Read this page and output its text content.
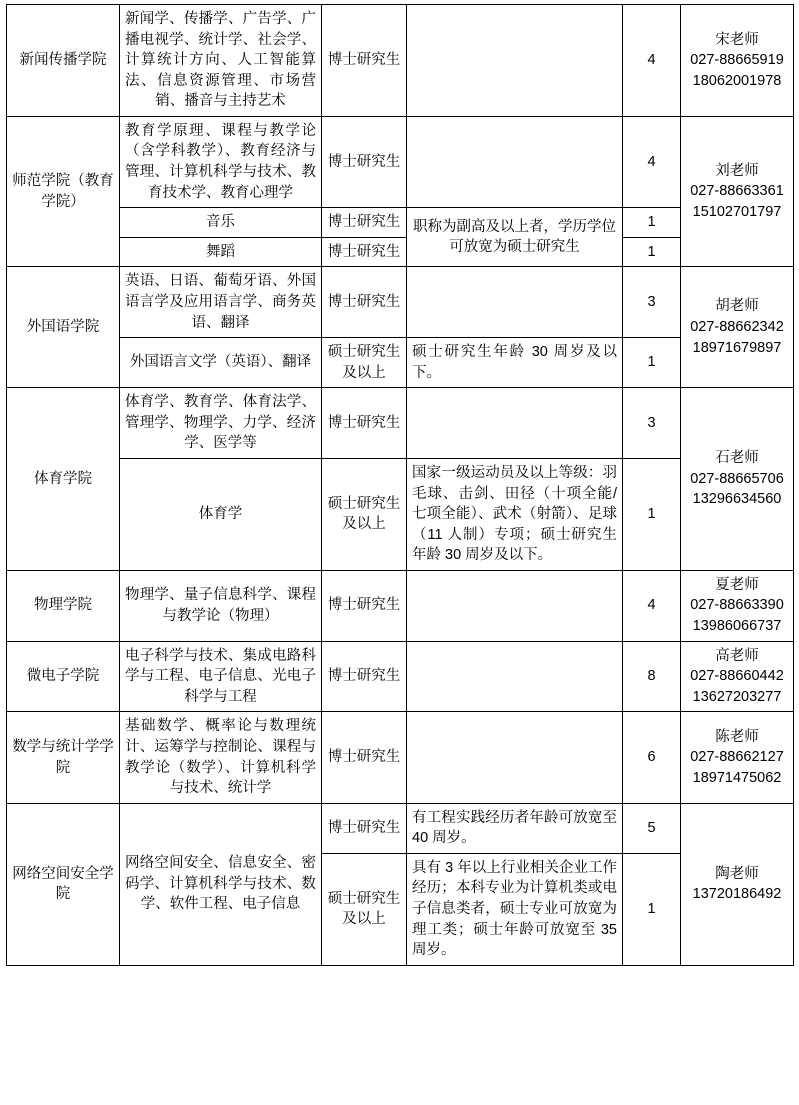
新闻传播学院	新闻学、传播学、广告学、广播电视学、统计学、社会学、计算统计方向、人工智能算法、信息资源管理、市场营销、播音与主持艺术	博士研究生		4	宋老师
027-88665919
18062001978

师范学院（教育学院）	教育学原理、课程与教学论（含学科教学）、教育经济与管理、计算机科学与技术、教育技术学、教育心理学	博士研究生		4	刘老师
027-88663361
15102701797

	音乐	博士研究生	职称为副高及以上者，学历学位可放宽为硕士研究生	1	
	舞蹈	博士研究生		1	
外国语学院	英语、日语、葡萄牙语、外国语言学及应用语言学、商务英语、翻译	博士研究生		3	胡老师
027-88662342
18971679897

	外国语言文学（英语）、翻译	硕士研究生及以上	硕士研究生年龄 30 周岁及以下。	1	
体育学院	体育学、教育学、体育法学、管理学、物理学、力学、经济学、医学等	博士研究生		3	石老师
027-88665706
13296634560

	体育学	硕士研究生及以上	国家一级运动员及以上等级：羽毛球、击剑、田径（十项全能/七项全能）、武术（射箭）、足球（11 人制）专项；硕士研究生年龄 30 周岁及以下。	1	
物理学院	物理学、量子信息科学、课程与教学论（物理）	博士研究生		4	夏老师
027-88663390
13986066737

微电子学院	电子科学与技术、集成电路科学与工程、电子信息、光电子科学与工程	博士研究生		8	高老师
027-88660442
13627203277

数学与统计学学院	基础数学、概率论与数理统计、运筹学与控制论、课程与教学论（数学）、计算机科学与技术、统计学	博士研究生		6	陈老师
027-88662127
18971475062

网络空间安全学院	网络空间安全、信息安全、密码学、计算机科学与技术、数学、软件工程、电子信息	博士研究生	有工程实践经历者年龄可放宽至 40 周岁。	5	陶老师
13720186492

		硕士研究生及以上	具有 3 年以上行业相关企业工作经历；本科专业为计算机类或电子信息类者，硕士专业可放宽为理工类；硕士年龄可放宽至 35 周岁。	1	
